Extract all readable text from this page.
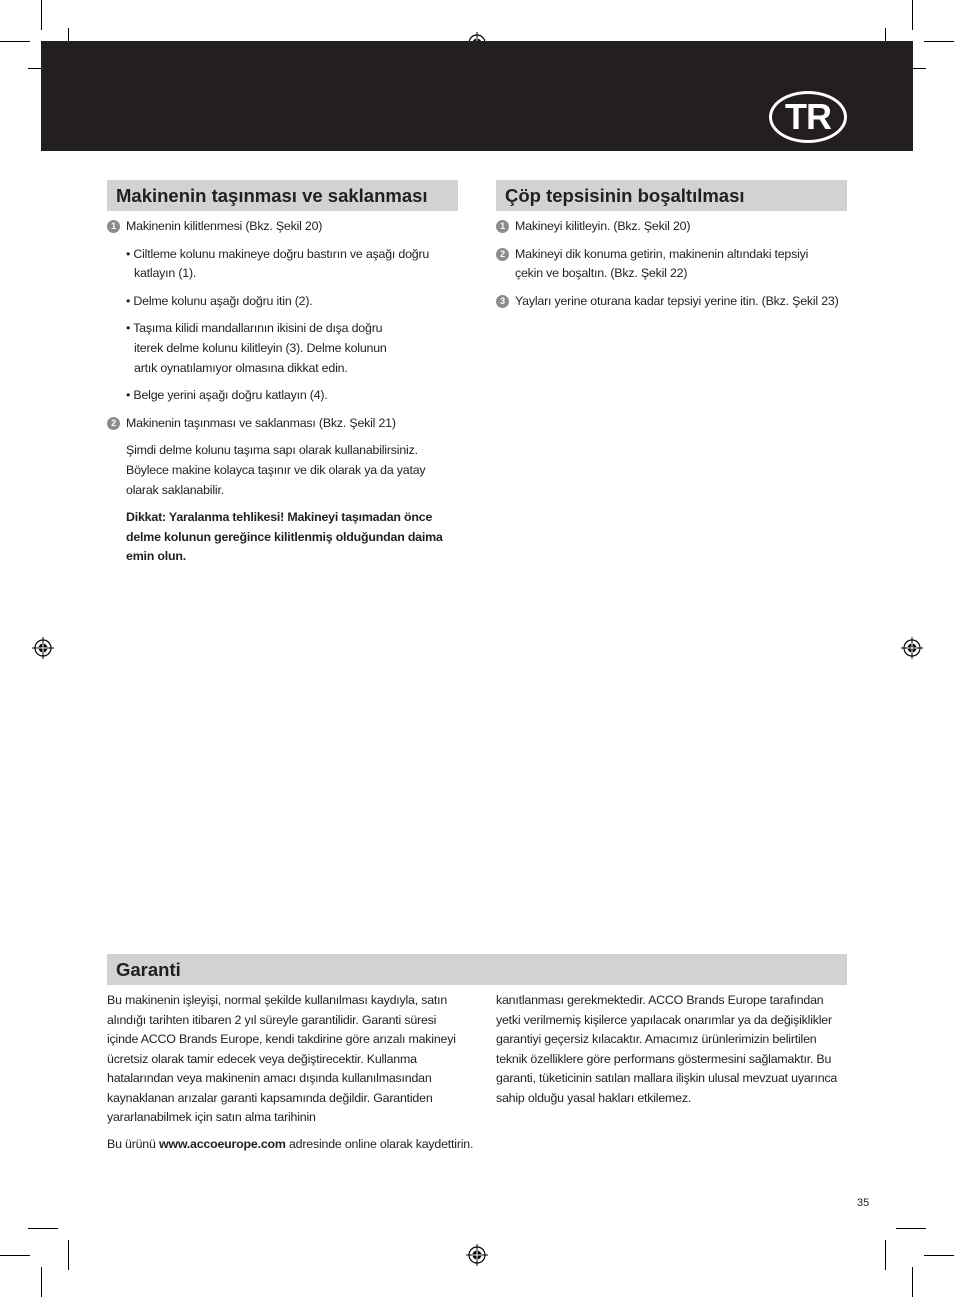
TR
Makinenin taşınması ve saklanması
1 Makinenin kilitlenmesi (Bkz. Şekil 20)
• Ciltleme kolunu makineye doğru bastırın ve aşağı doğru katlayın (1).
• Delme kolunu aşağı doğru itin (2).
• Taşıma kilidi mandallarının ikisini de dışa doğru iterek delme kolunu kilitleyin (3). Delme kolunun artık oynatılamıyor olmasına dikkat edin.
• Belge yerini aşağı doğru katlayın (4).
2 Makinenin taşınması ve saklanması (Bkz. Şekil 21)
Şimdi delme kolunu taşıma sapı olarak kullanabilirsiniz. Böylece makine kolayca taşınır ve dik olarak ya da yatay olarak saklanabilir.
Dikkat: Yaralanma tehlikesi! Makineyi taşımadan önce delme kolunun gereğince kilitlenmiş olduğundan daima emin olun.
Çöp tepsisinin boşaltılması
1 Makineyi kilitleyin. (Bkz. Şekil 20)
2 Makineyi dik konuma getirin, makinenin altındaki tepsiyi çekin ve boşaltın. (Bkz. Şekil 22)
3 Yayları yerine oturana kadar tepsiyi yerine itin. (Bkz. Şekil 23)
Garanti
Bu makinenin işleyişi, normal şekilde kullanılması kaydıyla, satın alındığı tarihten itibaren 2 yıl süreyle garantilidir. Garanti süresi içinde ACCO Brands Europe, kendi takdirine göre arızalı makineyi ücretsiz olarak tamir edecek veya değiştirecektir. Kullanma hatalarından veya makinenin amacı dışında kullanılmasından kaynaklanan arızalar garanti kapsamında değildir. Garantiden yararlanabilmek için satın alma tarihinin
Bu ürünü www.accoeurope.com adresinde online olarak kaydettirin.
kanıtlanması gerekmektedir. ACCO Brands Europe tarafından yetki verilmemiş kişilerce yapılacak onarımlar ya da değişiklikler garantiyi geçersiz kılacaktır. Amacımız ürünlerimizin belirtilen teknik özelliklere göre performans göstermesini sağlamaktır. Bu garanti, tüketicinin satılan mallara ilişkin ulusal mevzuat uyarınca sahip olduğu yasal hakları etkilemez.
35
